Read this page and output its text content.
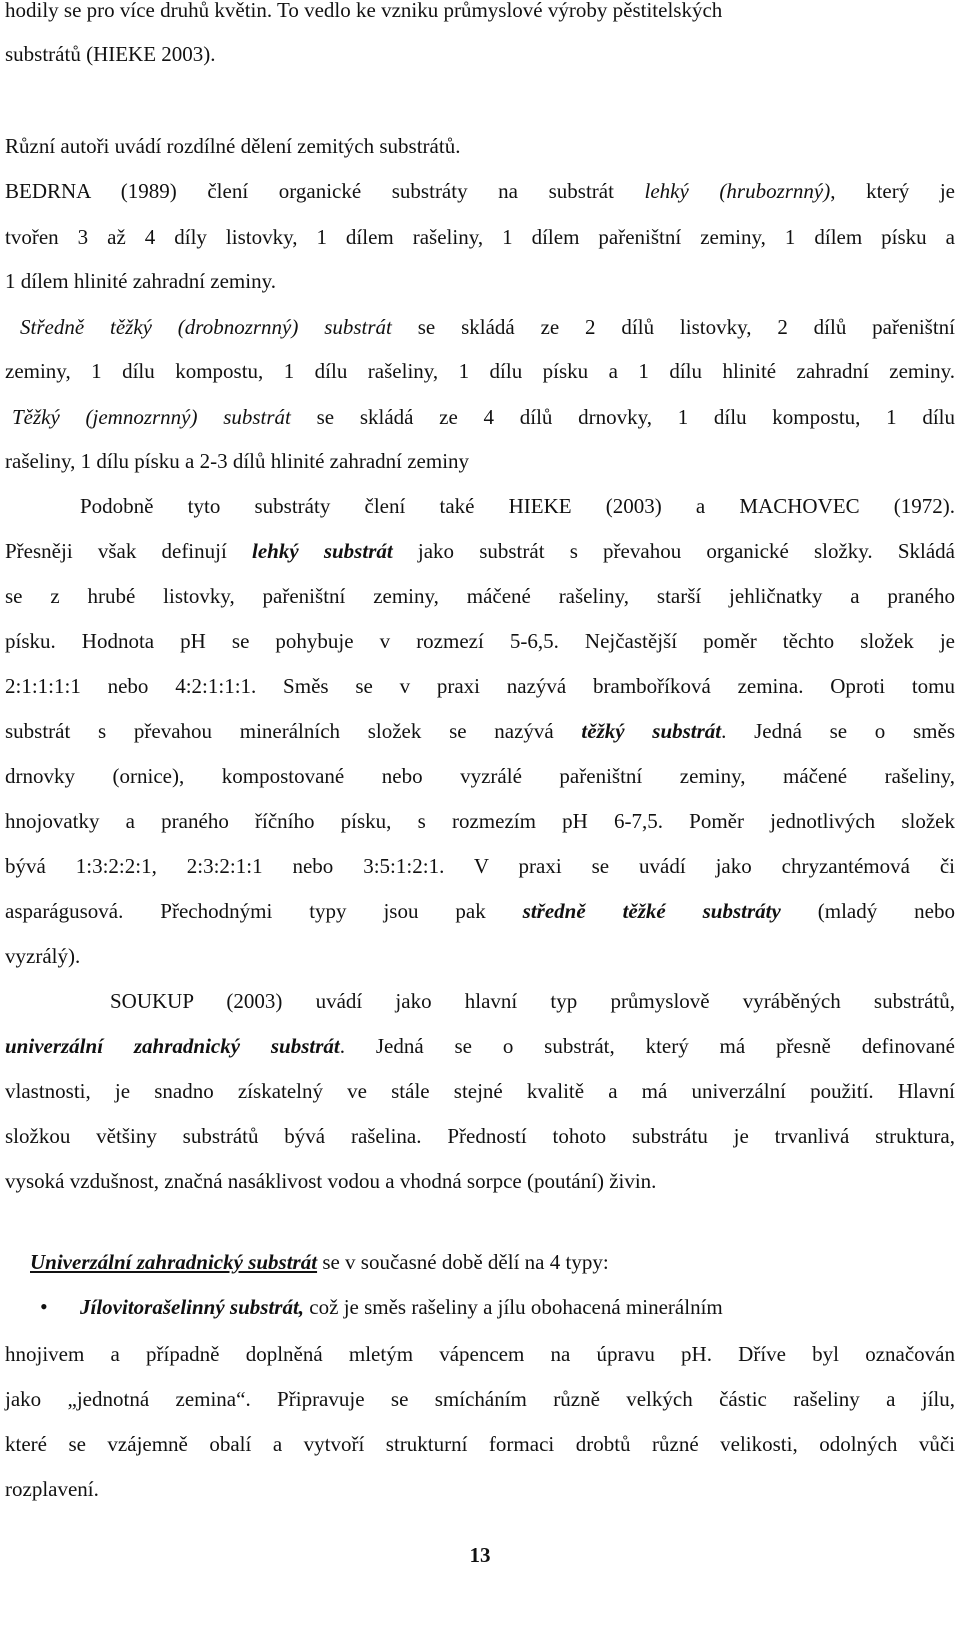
hodily se pro více druhů květin. To vedlo ke vzniku průmyslové výroby pěstitelských
substrátů (HIEKE 2003).
Různí autoři uvádí rozdílné dělení zemitých substrátů.
BEDRNA (1989) člení organické substráty na substrát lehký (hrubozrnný), který je
tvořen 3 až 4 díly listovky, 1 dílem rašeliny, 1 dílem pařeništní zeminy, 1 dílem písku a
1 dílem hlinité zahradní zeminy.
Středně těžký (drobnozrnný) substrát se skládá ze 2 dílů listovky, 2 dílů pařeništní
zeminy, 1 dílu kompostu, 1 dílu rašeliny, 1 dílu písku a 1 dílu hlinité zahradní zeminy.
Těžký (jemnozrnný) substrát se skládá ze 4 dílů drnovky, 1 dílu kompostu, 1 dílu
rašeliny, 1 dílu písku a 2-3 dílů hlinité zahradní zeminy
Podobně tyto substráty člení také HIEKE (2003) a MACHOVEC (1972).
Přesněji však definují lehký substrát jako substrát s převahou organické složky. Skládá
se z hrubé listovky, pařeništní zeminy, máčené rašeliny, starší jehličnatky a praného
písku. Hodnota pH se pohybuje v rozmezí 5-6,5. Nejčastější poměr těchto složek je
2:1:1:1:1 nebo 4:2:1:1:1. Směs se v praxi nazývá bramboříková zemina. Oproti tomu
substrát s převahou minerálních složek se nazývá těžký substrát. Jedná se o směs
drnovky (ornice), kompostované nebo vyzrálé pařeništní zeminy, máčené rašeliny,
hnojovatky a praného říčního písku, s rozmezím pH 6-7,5. Poměr jednotlivých složek
bývá 1:3:2:2:1, 2:3:2:1:1 nebo 3:5:1:2:1. V praxi se uvádí jako chryzantémová či
asparágusová. Přechodnými typy jsou pak středně těžké substráty (mladý nebo
vyzrálý).
SOUKUP (2003) uvádí jako hlavní typ průmyslově vyráběných substrátů,
univerzální zahradnický substrát. Jedná se o substrát, který má přesně definované
vlastnosti, je snadno získatelný ve stále stejné kvalitě a má univerzální použití. Hlavní
složkou většiny substrátů bývá rašelina. Předností tohoto substrátu je trvanlivá struktura,
vysoká vzdušnost, značná nasáklivost vodou a vhodná sorpce (poutání) živin.
Univerzální zahradnický substrát se v současné době dělí na 4 typy:
•
Jílovitorašelinný substrát, což je směs rašeliny a jílu obohacená minerálním
hnojivem a případně doplněná mletým vápencem na úpravu pH. Dříve byl označován
jako „jednotná zemina“. Připravuje se smícháním různě velkých částic rašeliny a jílu,
které se vzájemně obalí a vytvoří strukturní formaci drobtů různé velikosti, odolných vůči
rozplavení.
13
